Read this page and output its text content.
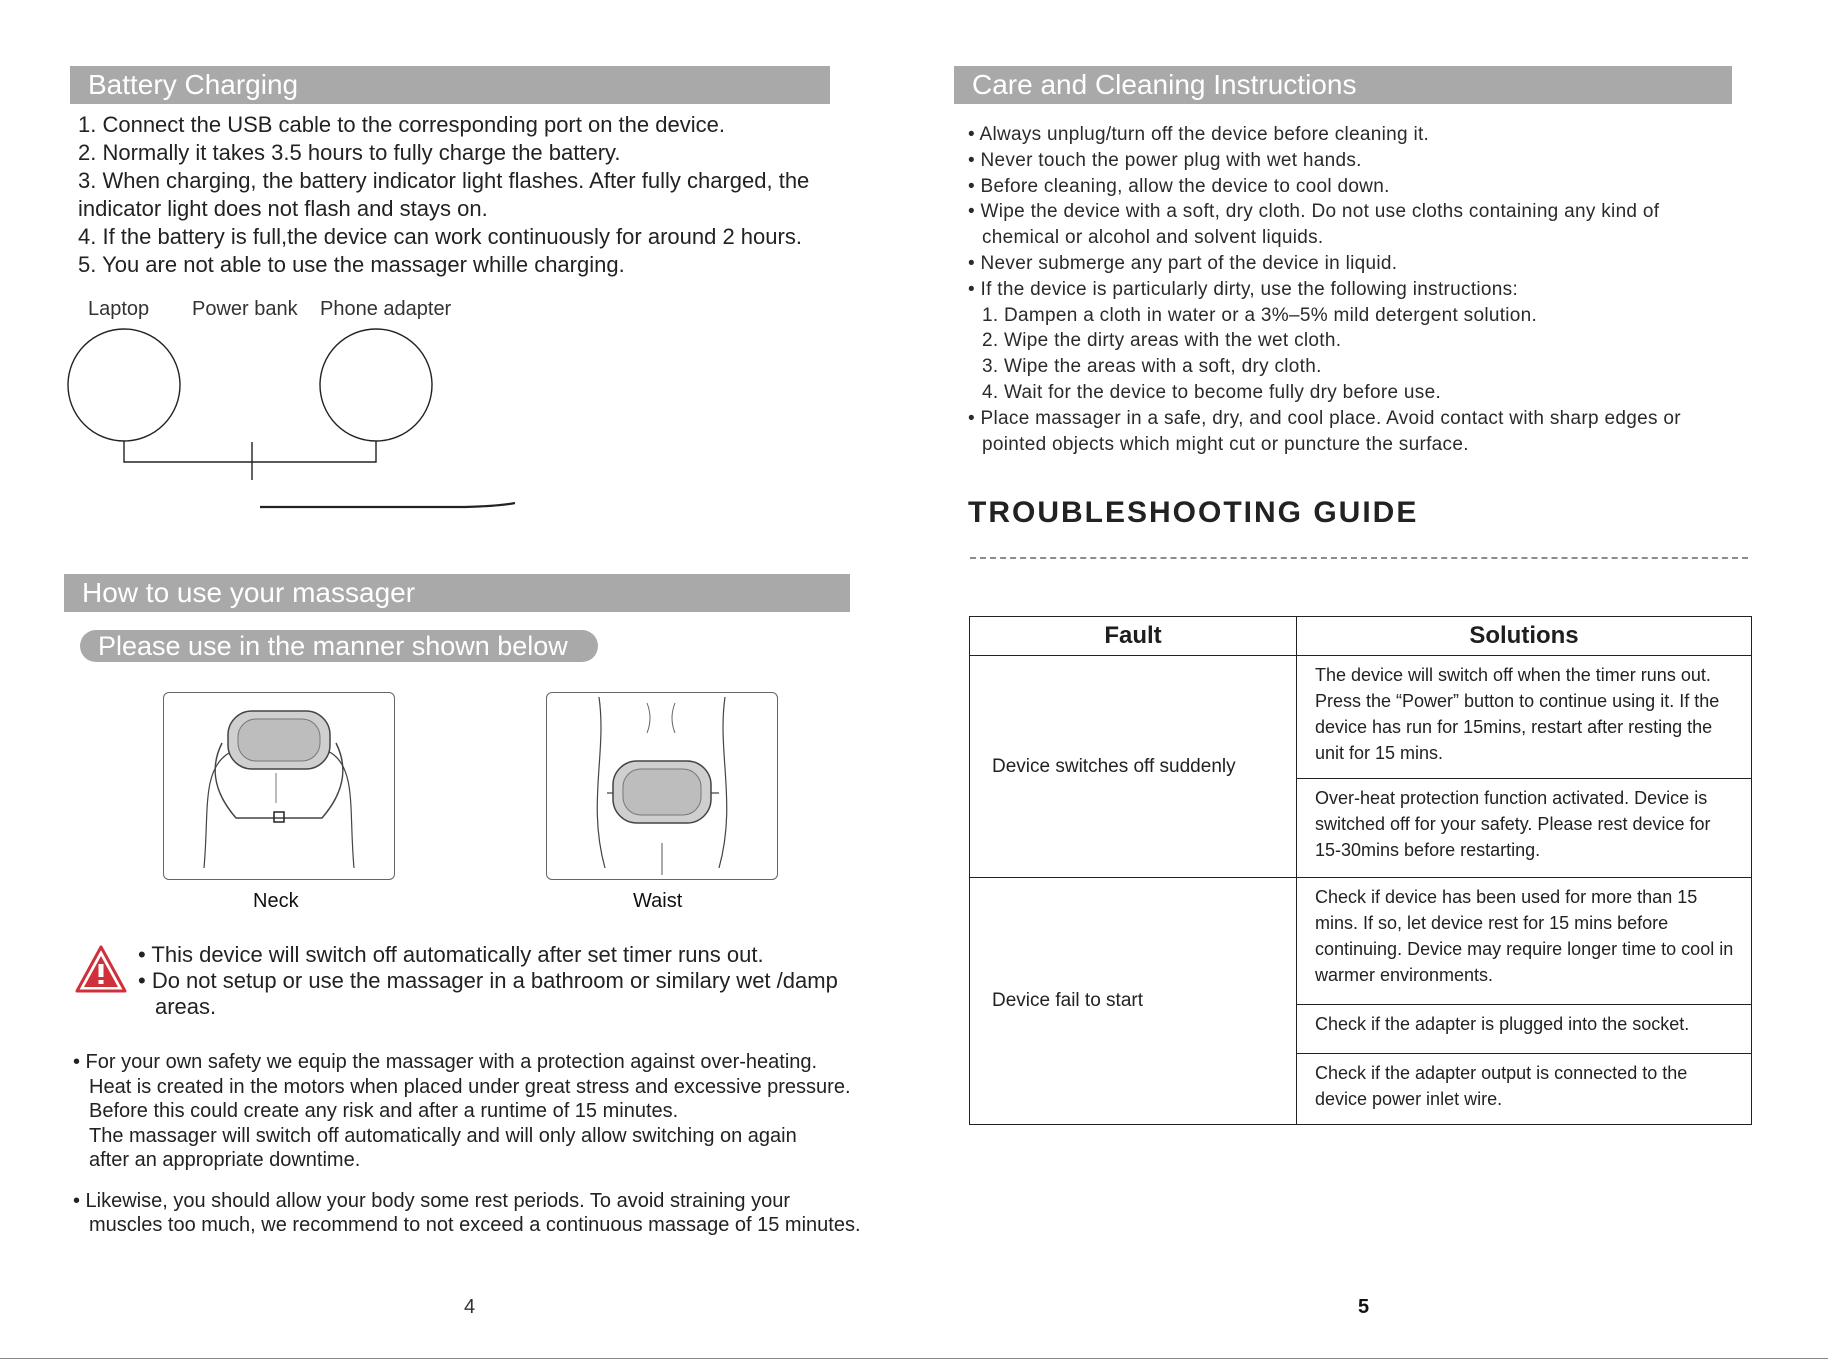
Battery Charging
1. Connect the USB cable to the corresponding port on the device.
2. Normally it takes 3.5 hours to fully charge the battery.
3. When charging, the battery indicator light flashes. After fully charged, the
indicator light does not flash and stays on.
4. If the battery is full,the device can work continuously for around 2 hours.
5. You are not able to use the massager whille charging.
Laptop Power bank Phone adapter
How to use your massager
Please use in the manner shown below
Neck	Waist
• This device will switch off automatically after set timer runs out.
• Do not setup or use the massager in a bathroom or similary wet /damp
areas.
• For your own safety we equip the massager with a protection against over-heating.
Heat is created in the motors when placed under great stress and excessive pressure.
Before this could create any risk and after a runtime of 15 minutes.
The massager will switch off automatically and will only allow switching on again
after an appropriate downtime.
• Likewise, you should allow your body some rest periods. To avoid straining your
muscles too much, we recommend to not exceed a continuous massage of 15 minutes.
4
Care and Cleaning Instructions
• Always unplug/turn off the device before cleaning it.
• Never touch the power plug with wet hands.
• Before cleaning, allow the device to cool down.
• Wipe the device with a soft, dry cloth. Do not use cloths containing any kind of
chemical or alcohol and solvent liquids.
• Never submerge any part of the device in liquid.
• If the device is particularly dirty, use the following instructions:
1. Dampen a cloth in water or a 3%–5% mild detergent solution.
2. Wipe the dirty areas with the wet cloth.
3. Wipe the areas with a soft, dry cloth.
4. Wait for the device to become fully dry before use.
• Place massager in a safe, dry, and cool place. Avoid contact with sharp edges or
pointed objects which might cut or puncture the surface.
TROUBLESHOOTING GUIDE
Fault	Solutions
Device switches off suddenly	The device will switch off when the timer runs out. Press the “Power” button to continue using it. If the device has run for 15mins, restart after resting the unit for 15 mins.
	Over-heat protection function activated. Device is switched off for your safety. Please rest device for 15-30mins before restarting.
Device fail to start	Check if device has been used for more than 15 mins. If so, let device rest for 15 mins before continuing. Device may require longer time to cool in warmer environments.
	Check if the adapter is plugged into the socket.
	Check if the adapter output is connected to the device power inlet wire.
5
